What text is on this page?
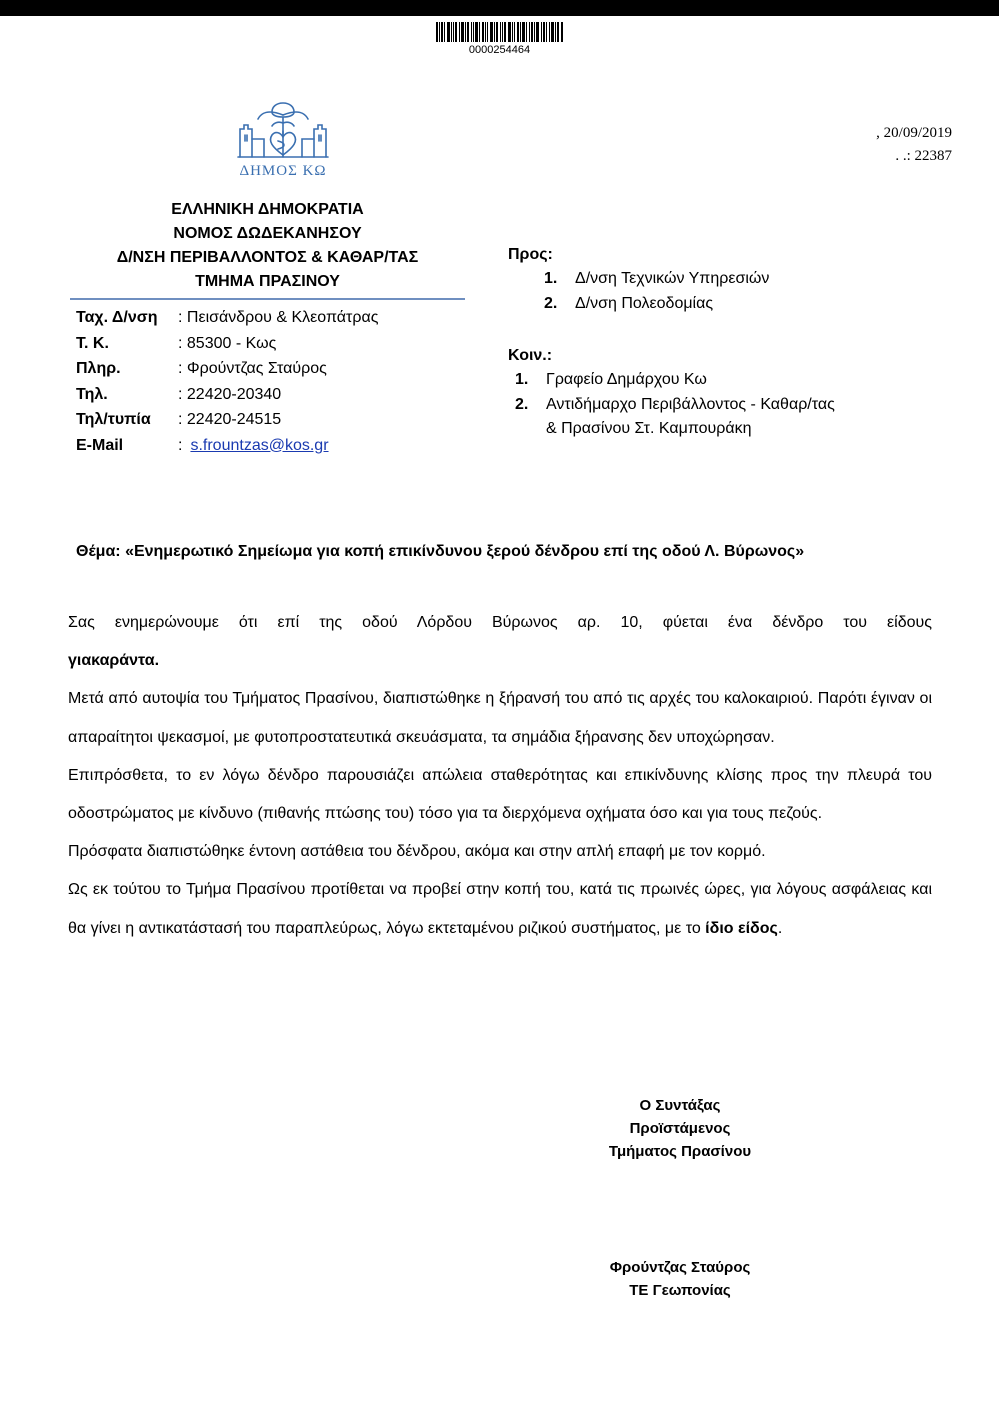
0000254464
ΔΗΜΟΣ ΚΩ
, 20/09/2019
. .: 22387
ΕΛΛΗΝΙΚΗ ΔΗΜΟΚΡΑΤΙΑ
ΝΟΜΟΣ ΔΩΔΕΚΑΝΗΣΟΥ
Δ/ΝΣΗ ΠΕΡΙΒΑΛΛΟΝΤΟΣ & ΚΑΘΑΡ/ΤΑΣ
ΤΜΗΜΑ ΠΡΑΣΙΝΟΥ
Ταχ. Δ/νση : Πεισάνδρου & Κλεοπάτρας
Τ. Κ.	: 85300 - Κως
Πληρ.	: Φρούντζας Σταύρος
Τηλ.	: 22420-20340
Τηλ/τυπία : 22420-24515
E-Mail	: s.frountzas@kos.gr
Προς:
1. Δ/νση Τεχνικών Υπηρεσιών
2. Δ/νση Πολεοδομίας
Κοιν.:
1. Γραφείο Δημάρχου Κω
2. Αντιδήμαρχο Περιβάλλοντος - Καθαρ/τας
& Πρασίνου Στ. Καμπουράκη
Θέμα: «Ενημερωτικό Σημείωμα για κοπή επικίνδυνου ξερού δένδρου επί της οδού Λ. Βύρωνος»

Σας ενημερώνουμε ότι επί της οδού Λόρδου Βύρωνος αρ. 10, φύεται ένα δένδρο του είδους

γιακαράντα.

Μετά από αυτοψία του Τμήματος Πρασίνου, διαπιστώθηκε η ξήρανσή του από τις αρχές του καλοκαιριού. Παρότι έγιναν οι απαραίτητοι ψεκασμοί, με φυτοπροστατευτικά σκευάσματα, τα σημάδια ξήρανσης δεν υποχώρησαν.

Επιπρόσθετα, το εν λόγω δένδρο παρουσιάζει απώλεια σταθερότητας και επικίνδυνης κλίσης προς την πλευρά του οδοστρώματος με κίνδυνο (πιθανής πτώσης του) τόσο για τα διερχόμενα οχήματα όσο και για τους πεζούς.

Πρόσφατα διαπιστώθηκε έντονη αστάθεια του δένδρου, ακόμα και στην απλή επαφή με τον κορμό.

Ως εκ τούτου το Τμήμα Πρασίνου προτίθεται να προβεί στην κοπή του, κατά τις πρωινές ώρες, για λόγους ασφάλειας και θα γίνει η αντικατάστασή του παραπλεύρως, λόγω εκτεταμένου ριζικού συστήματος, με το ίδιο είδος.

Ο Συντάξας
Προϊστάμενος
Τμήματος Πρασίνου
Φρούντζας Σταύρος
ΤΕ Γεωπονίας
